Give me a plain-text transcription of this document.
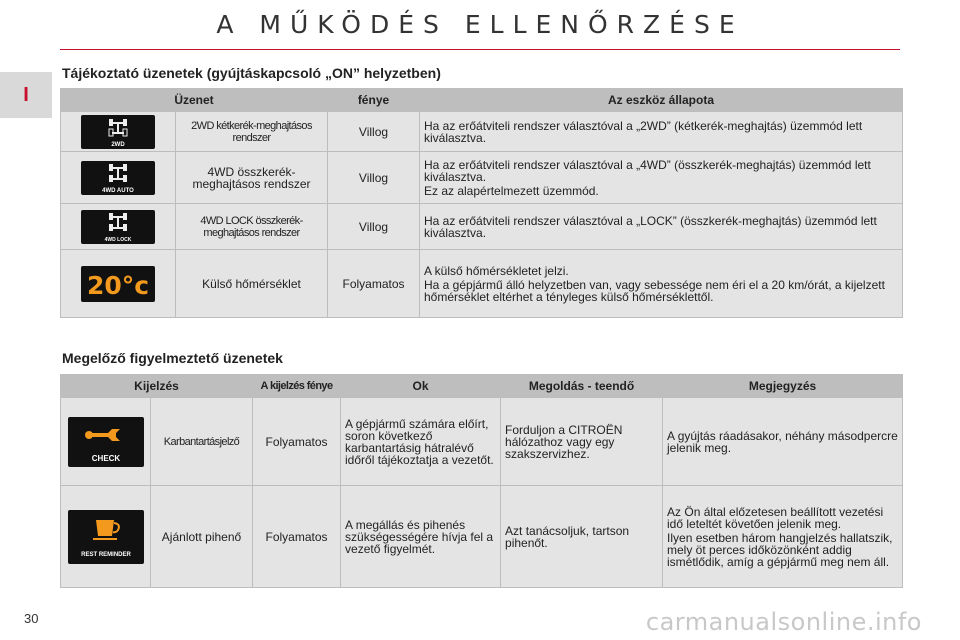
I
A MŰKÖDÉS ELLENŐRZÉSE
Tájékoztató üzenetek (gyújtáskapcsoló „ON” helyzetben)
Üzenet		fénye	Az eszköz állapota

2WD	2WD kétkerék-meghajtásos rendszer	Villog	Ha az erőátviteli rendszer választóval a „2WD” (kétkerék-meghajtás) üzemmód lett kiválasztva.

4WD AUTO	4WD összkerék-meghajtásos rendszer	Villog	Ha az erőátviteli rendszer választóval a „4WD” (összkerék-meghajtás) üzemmód lett kiválasztva.

Ez az alapértelmezett üzemmód.

4WD LOCK	4WD LOCK összkerék-meghajtásos rendszer	Villog	Ha az erőátviteli rendszer választóval a „LOCK” (összkerék-meghajtás) üzemmód lett kiválasztva.

20°c	Külső hőmérséklet	Folyamatos	A külső hőmérsékletet jelzi.

Ha a gépjármű álló helyzetben van, vagy sebessége nem éri el a 20 km/órát, a kijelzett hőmérséklet eltérhet a tényleges külső hőmérséklettől.

Megelőző figyelmeztető üzenetek
Kijelzés		A kijelzés fénye	Ok	Megoldás - teendő	Megjegyzés

CHECK	Karbantartásjelző	Folyamatos	A gépjármű számára előírt, soron következő karbantartásig hátralévő időről tájékoztatja a vezetőt.	Forduljon a CITROËN hálózathoz vagy egy szakszervizhez.	A gyújtás ráadásakor, néhány másodpercre jelenik meg.

REST REMINDER	Ajánlott pihenő	Folyamatos	A megállás és pihenés szükségességére hívja fel a vezető figyelmét.	Azt tanácsoljuk, tartson pihenőt.	Az Ön által előzetesen beállított vezetési idő leteltét követően jelenik meg.

Ilyen esetben három hangjelzés hallatszik, mely öt perces időközönként addig ismétlődik, amíg a gépjármű meg nem áll.

30	carmanualsonline.info
